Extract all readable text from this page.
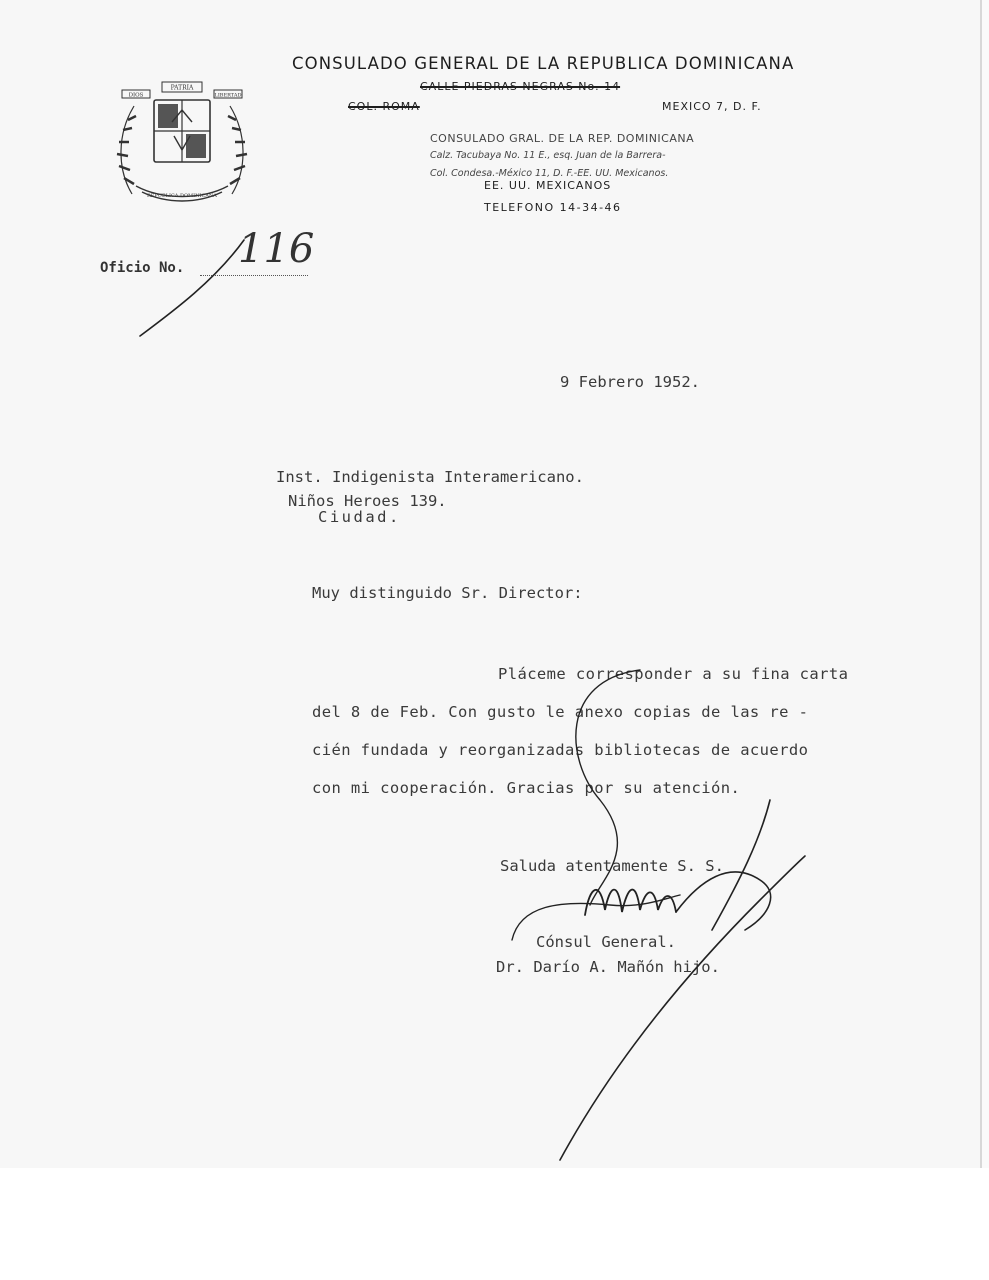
DIOS
PATRIA
LIBERTAD
REPUBLICA DOMINICANA
CONSULADO GENERAL DE LA REPUBLICA DOMINICANA
CALLE PIEDRAS NEGRAS No. 14
COL. ROMA	MEXICO 7, D. F.
CONSULADO GRAL. DE LA REP. DOMINICANA
Calz. Tacubaya No. 11 E., esq. Juan de la Barrera-
Col. Condesa.-México 11, D. F.-EE. UU. Mexicanos.
EE. UU. MEXICANOS
TELEFONO 14-34-46
Oficio No. 116
9 Febrero 1952.
Inst. Indigenista Interamericano.
Niños Heroes 139.
Ciudad.
Muy distinguido Sr. Director:
Pláceme corresponder a su fina carta
del 8 de Feb. Con gusto le anexo copias de las re -
cién fundada y reorganizadas bibliotecas de acuerdo
con mi cooperación. Gracias por su atención.
Saluda atentamente S. S.
Cónsul General.
Dr. Darío A. Mañón hijo.
